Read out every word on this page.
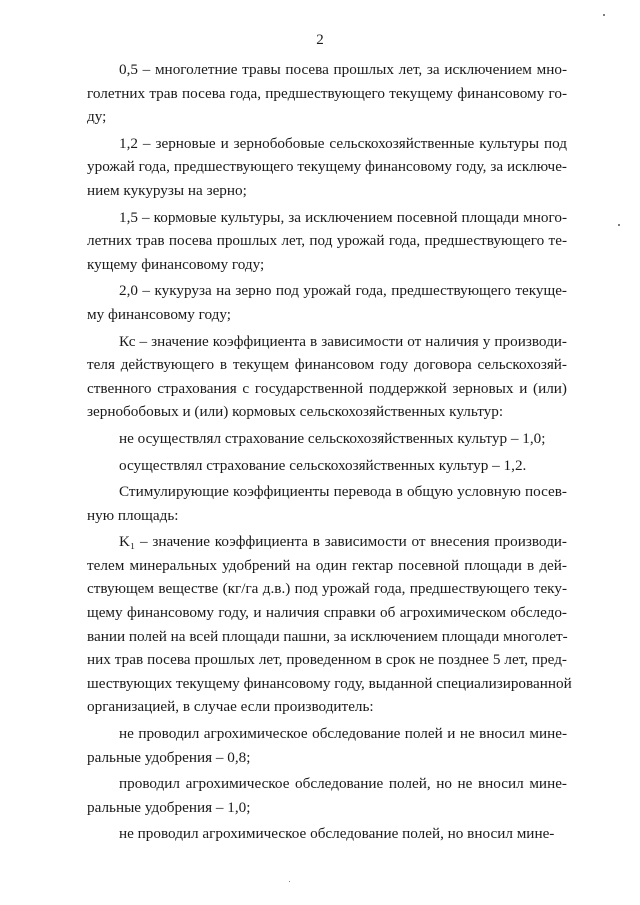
2
0,5 – многолетние травы посева прошлых лет, за исключением мно-
голетних трав посева года, предшествующего текущему финансовому го-
ду;
1,2 – зерновые и зернобобовые сельскохозяйственные культуры под
урожай года, предшествующего текущему финансовому году, за исключе-
нием кукурузы на зерно;
1,5 – кормовые культуры, за исключением посевной площади много-
летних трав посева прошлых лет, под урожай года, предшествующего те-
кущему финансовому году;
2,0 – кукуруза на зерно под урожай года, предшествующего текуще-
му финансовому году;
Кс – значение коэффициента в зависимости от наличия у производи-
теля действующего в текущем финансовом году договора сельскохозяй-
ственного страхования с государственной поддержкой зерновых и (или)
зернобобовых и (или) кормовых сельскохозяйственных культур:
не осуществлял страхование сельскохозяйственных культур – 1,0;
осуществлял страхование сельскохозяйственных культур – 1,2.
Стимулирующие коэффициенты перевода в общую условную посев-
ную площадь:
K₁ – значение коэффициента в зависимости от внесения производи-
телем минеральных удобрений на один гектар посевной площади в дей-
ствующем веществе (кг/га д.в.) под урожай года, предшествующего теку-
щему финансовому году, и наличия справки об агрохимическом обследо-
вании полей на всей площади пашни, за исключением площади многолет-
них трав посева прошлых лет, проведенном в срок не позднее 5 лет, пред-
шествующих текущему финансовому году, выданной специализированной
организацией, в случае если производитель:
не проводил агрохимическое обследование полей и не вносил мине-
ральные удобрения – 0,8;
проводил агрохимическое обследование полей, но не вносил мине-
ральные удобрения – 1,0;
не проводил агрохимическое обследование полей, но вносил мине-
